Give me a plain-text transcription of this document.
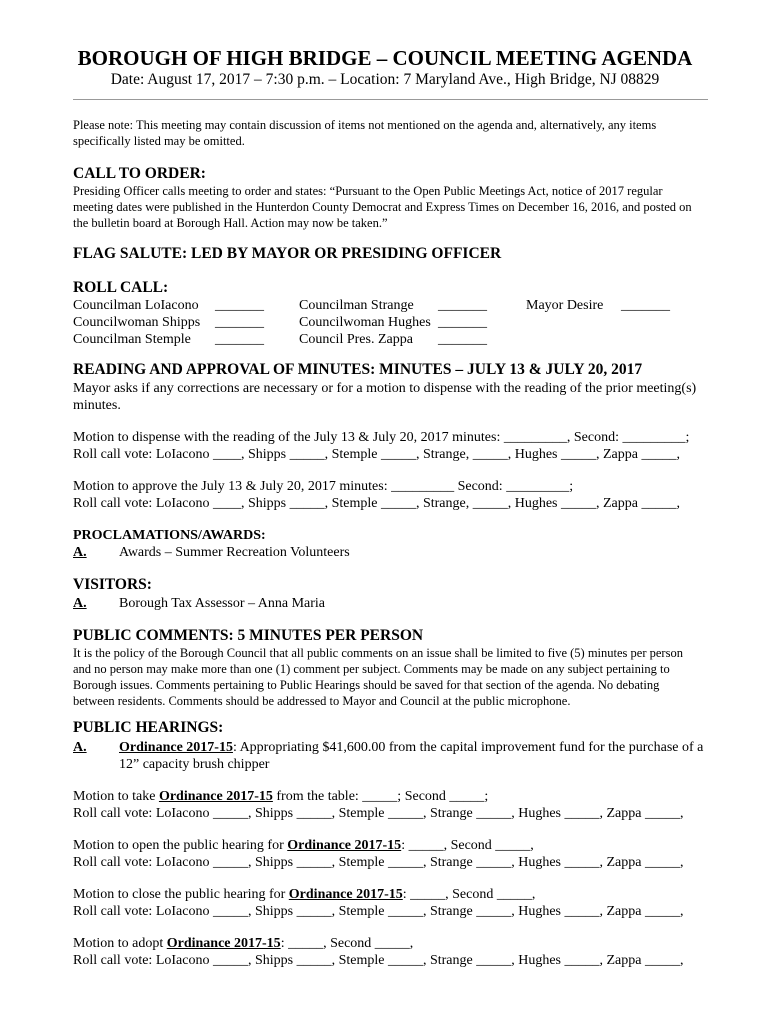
BOROUGH OF HIGH BRIDGE – COUNCIL MEETING AGENDA
Date: August 17, 2017 – 7:30 p.m. – Location: 7 Maryland Ave., High Bridge, NJ 08829
Please note: This meeting may contain discussion of items not mentioned on the agenda and, alternatively, any items
specifically listed may be omitted.
CALL TO ORDER:
Presiding Officer calls meeting to order and states: “Pursuant to the Open Public Meetings Act, notice of 2017 regular
meeting dates were published in the Hunterdon County Democrat and Express Times on December 16, 2016, and posted on
the bulletin board at Borough Hall. Action may now be taken.”
FLAG SALUTE: LED BY MAYOR OR PRESIDING OFFICER
ROLL CALL:
Councilman LoIacono _______
Councilwoman Shipps _______
Councilman Stemple _______
Councilman Strange _______
Councilwoman Hughes _______
Council Pres. Zappa _______
Mayor Desire _______
READING AND APPROVAL OF MINUTES: MINUTES – JULY 13 & JULY 20, 2017
Mayor asks if any corrections are necessary or for a motion to dispense with the reading of the prior meeting(s)
minutes.
Motion to dispense with the reading of the July 13 & July 20, 2017 minutes: _________, Second: _________;
Roll call vote: LoIacono ____, Shipps _____, Stemple _____, Strange, _____, Hughes _____, Zappa _____,
Motion to approve the July 13 & July 20, 2017 minutes: _________ Second: _________;
Roll call vote: LoIacono ____, Shipps _____, Stemple _____, Strange, _____, Hughes _____, Zappa _____,
PROCLAMATIONS/AWARDS:
A. Awards – Summer Recreation Volunteers
VISITORS:
A. Borough Tax Assessor – Anna Maria
PUBLIC COMMENTS: 5 MINUTES PER PERSON
It is the policy of the Borough Council that all public comments on an issue shall be limited to five (5) minutes per person
and no person may make more than one (1) comment per subject. Comments may be made on any subject pertaining to
Borough issues. Comments pertaining to Public Hearings should be saved for that section of the agenda. No debating
between residents. Comments should be addressed to Mayor and Council at the public microphone.
PUBLIC HEARINGS:
A. Ordinance 2017-15: Appropriating $41,600.00 from the capital improvement fund for the purchase of a
12” capacity brush chipper
Motion to take Ordinance 2017-15 from the table: _____; Second _____;
Roll call vote: LoIacono _____, Shipps _____, Stemple _____, Strange _____, Hughes _____, Zappa _____,
Motion to open the public hearing for Ordinance 2017-15: _____, Second _____,
Roll call vote: LoIacono _____, Shipps _____, Stemple _____, Strange _____, Hughes _____, Zappa _____,
Motion to close the public hearing for Ordinance 2017-15: _____, Second _____,
Roll call vote: LoIacono _____, Shipps _____, Stemple _____, Strange _____, Hughes _____, Zappa _____,
Motion to adopt Ordinance 2017-15: _____, Second _____,
Roll call vote: LoIacono _____, Shipps _____, Stemple _____, Strange _____, Hughes _____, Zappa _____,
